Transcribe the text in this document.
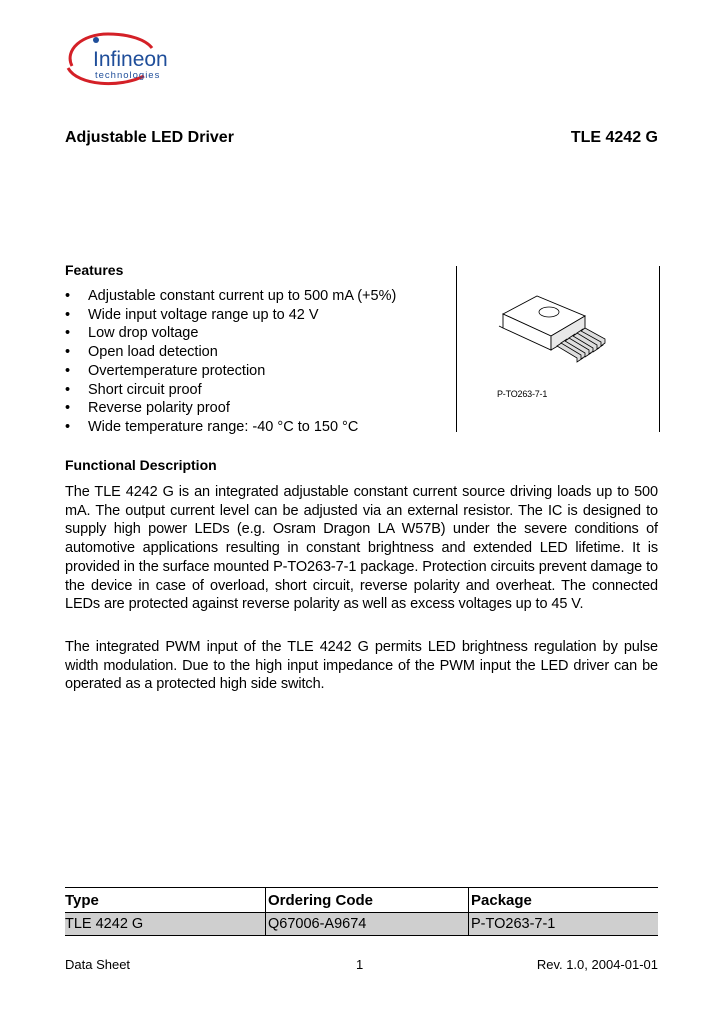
Infineon
technologies
Adjustable LED Driver	TLE 4242 G
Features
• Adjustable constant current up to 500 mA (+5%)
• Wide input voltage range up to 42 V
• Low drop voltage
• Open load detection
• Overtemperature protection
• Short circuit proof
• Reverse polarity proof
• Wide temperature range: -40 °C to 150 °C
P-TO263-7-1
Functional Description

The TLE 4242 G is an integrated adjustable constant current source driving loads up to 500 mA. The output current level can be adjusted via an external resistor. The IC is designed to supply high power LEDs (e.g. Osram Dragon LA W57B) under the severe conditions of automotive applications resulting in constant brightness and extended LED lifetime. It is provided in the surface mounted P-TO263-7-1 package. Protection circuits prevent damage to the device in case of overload, short circuit, reverse polarity and overheat. The connected LEDs are protected against reverse polarity as well as excess voltages up to 45 V.

The integrated PWM input of the TLE 4242 G permits LED brightness regulation by pulse width modulation. Due to the high input impedance of the PWM input the LED driver can be operated as a protected high side switch.

Type	Ordering Code	Package
TLE 4242 G	Q67006-A9674	P-TO263-7-1
Data Sheet	1	Rev. 1.0, 2004-01-01
